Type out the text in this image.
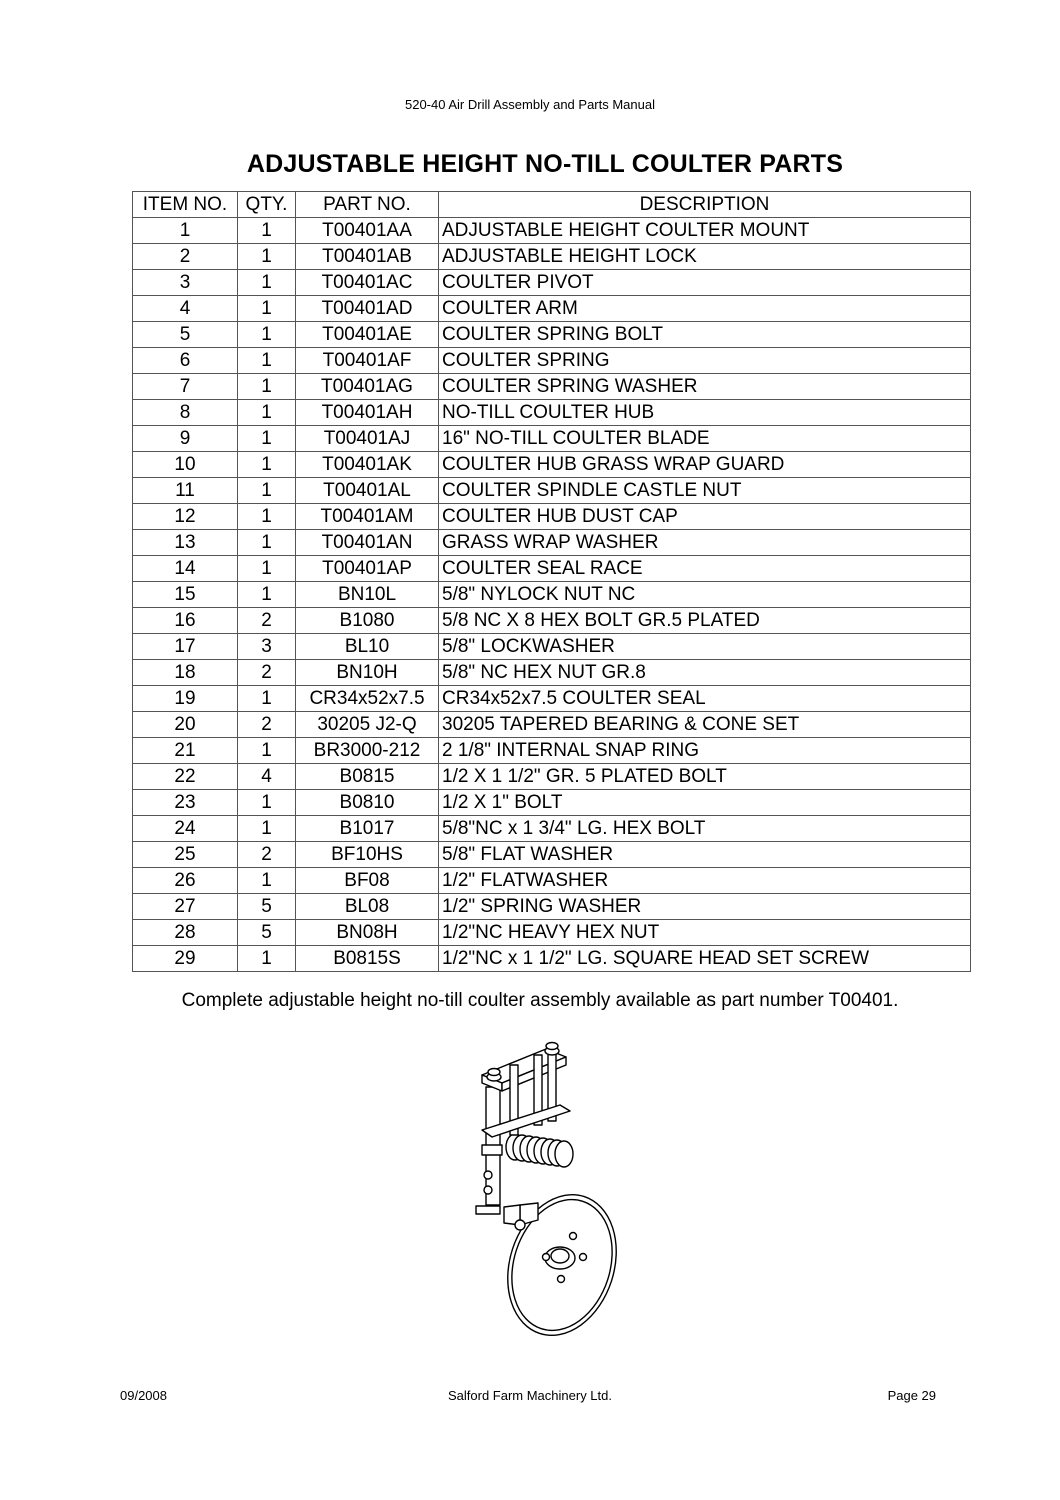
520-40 Air Drill Assembly and Parts Manual
ADJUSTABLE HEIGHT NO-TILL COULTER PARTS
ITEM NO.	QTY.	PART NO.	DESCRIPTION
1	1	T00401AA	ADJUSTABLE HEIGHT COULTER MOUNT
2	1	T00401AB	ADJUSTABLE HEIGHT LOCK
3	1	T00401AC	COULTER PIVOT
4	1	T00401AD	COULTER ARM
5	1	T00401AE	COULTER SPRING BOLT
6	1	T00401AF	COULTER SPRING
7	1	T00401AG	COULTER SPRING WASHER
8	1	T00401AH	NO-TILL COULTER HUB
9	1	T00401AJ	16" NO-TILL COULTER BLADE
10	1	T00401AK	COULTER HUB GRASS WRAP GUARD
11	1	T00401AL	COULTER SPINDLE CASTLE NUT
12	1	T00401AM	COULTER HUB DUST CAP
13	1	T00401AN	GRASS WRAP WASHER
14	1	T00401AP	COULTER SEAL RACE
15	1	BN10L	5/8" NYLOCK NUT NC
16	2	B1080	5/8 NC X 8 HEX BOLT GR.5 PLATED
17	3	BL10	5/8" LOCKWASHER
18	2	BN10H	5/8" NC HEX NUT GR.8
19	1	CR34x52x7.5	CR34x52x7.5 COULTER SEAL
20	2	30205 J2-Q	30205 TAPERED BEARING & CONE SET
21	1	BR3000-212	2 1/8" INTERNAL SNAP RING
22	4	B0815	1/2 X 1 1/2" GR. 5 PLATED BOLT
23	1	B0810	1/2 X 1" BOLT
24	1	B1017	5/8"NC x 1 3/4" LG. HEX BOLT
25	2	BF10HS	5/8" FLAT WASHER
26	1	BF08	1/2" FLATWASHER
27	5	BL08	1/2" SPRING WASHER
28	5	BN08H	1/2"NC HEAVY HEX NUT
29	1	B0815S	1/2"NC x 1 1/2" LG. SQUARE HEAD SET SCREW
Complete adjustable height no-till coulter assembly available as part number T00401.
09/2008	Salford Farm Machinery Ltd.	Page 29
